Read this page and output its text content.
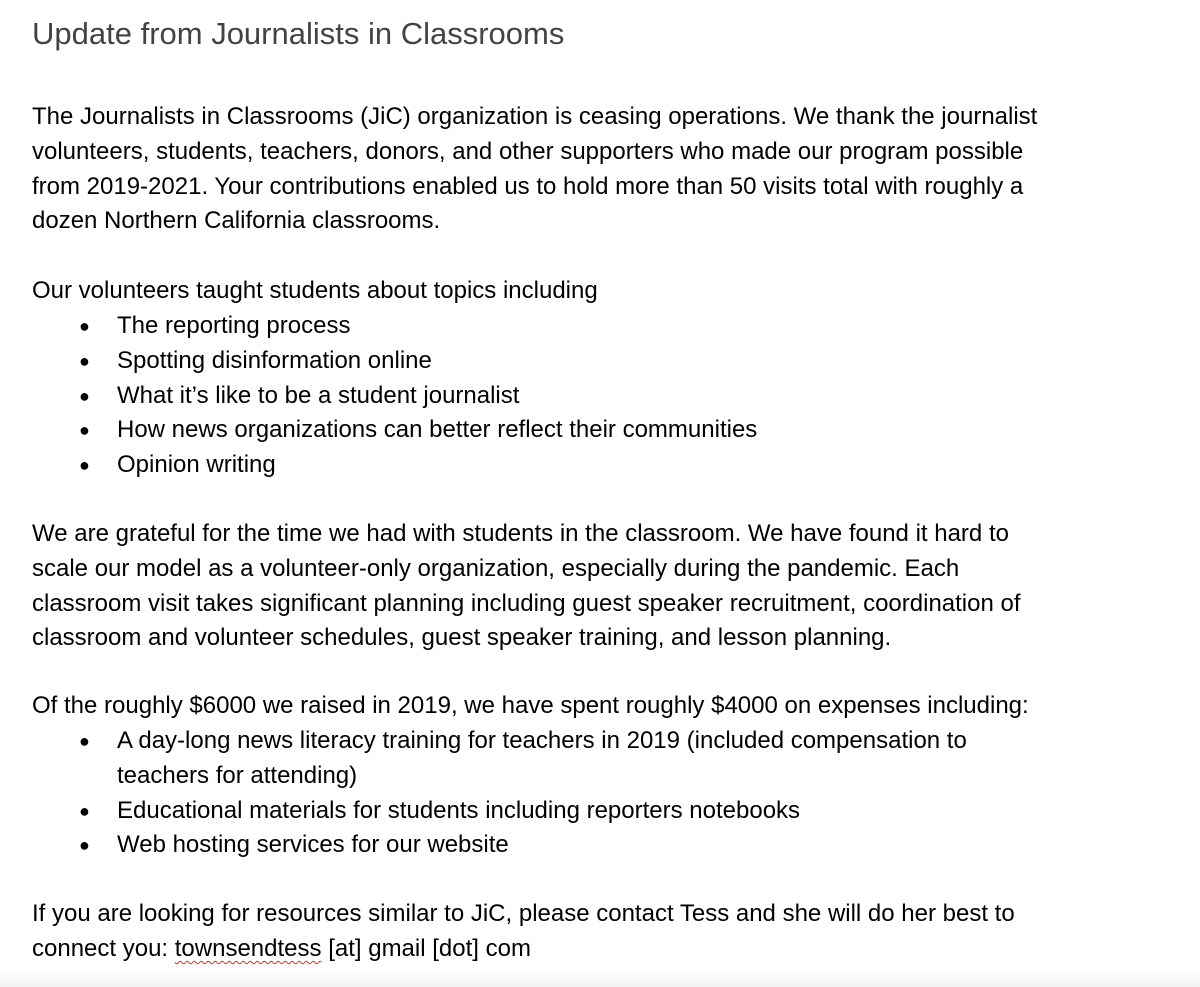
Update from Journalists in Classrooms
The Journalists in Classrooms (JiC) organization is ceasing operations. We thank the journalist
volunteers, students, teachers, donors, and other supporters who made our program possible
from 2019-2021. Your contributions enabled us to hold more than 50 visits total with roughly a
dozen Northern California classrooms.
Our volunteers taught students about topics including
● The reporting process
● Spotting disinformation online
● What it’s like to be a student journalist
● How news organizations can better reflect their communities
● Opinion writing
We are grateful for the time we had with students in the classroom. We have found it hard to
scale our model as a volunteer-only organization, especially during the pandemic. Each
classroom visit takes significant planning including guest speaker recruitment, coordination of
classroom and volunteer schedules, guest speaker training, and lesson planning.
Of the roughly $6000 we raised in 2019, we have spent roughly $4000 on expenses including:
● A day-long news literacy training for teachers in 2019 (included compensation to
teachers for attending)
● Educational materials for students including reporters notebooks
● Web hosting services for our website
If you are looking for resources similar to JiC, please contact Tess and she will do her best to
connect you: townsendtess [at] gmail [dot] com
